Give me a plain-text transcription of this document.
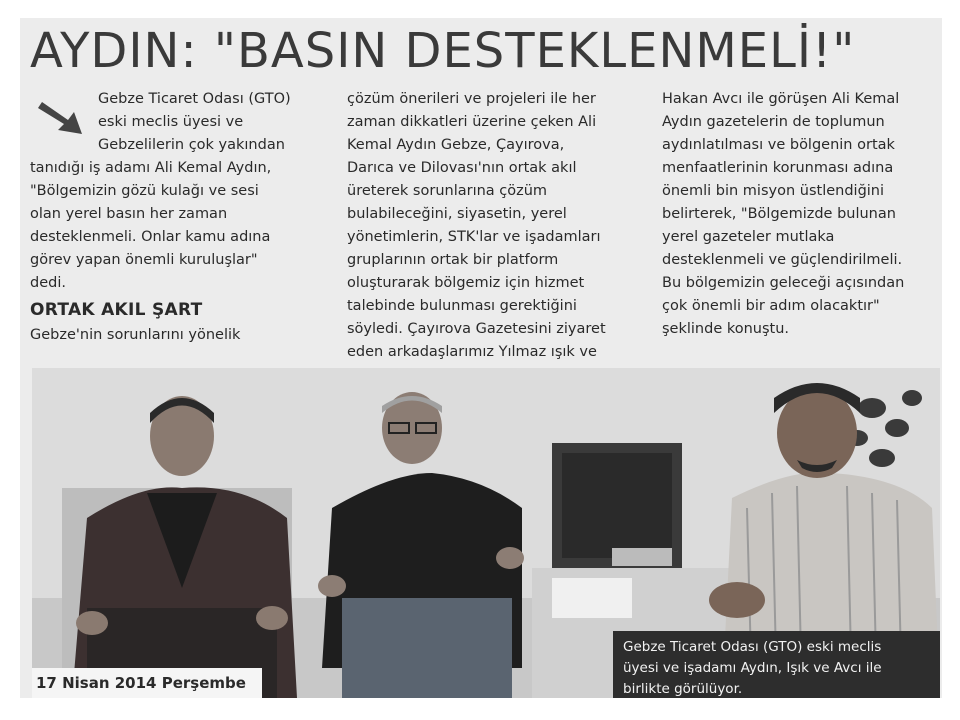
AYDIN: "BASIN DESTEKLENMELİ!"
Gebze Ticaret Odası (GTO)
eski meclis üyesi ve
Gebzelilerin çok yakından
tanıdığı iş adamı Ali Kemal Aydın,
"Bölgemizin gözü kulağı ve sesi
olan yerel basın her zaman
desteklenmeli. Onlar kamu adına
görev yapan önemli kuruluşlar"
dedi.
ORTAK AKIL ŞART
Gebze'nin sorunlarını yönelik
çözüm önerileri ve projeleri ile her
zaman dikkatleri üzerine çeken Ali
Kemal Aydın Gebze, Çayırova,
Darıca ve Dilovası'nın ortak akıl
üreterek sorunlarına çözüm
bulabileceğini, siyasetin, yerel
yönetimlerin, STK'lar ve işadamları
gruplarının ortak bir platform
oluşturarak bölgemiz için hizmet
talebinde bulunması gerektiğini
söyledi. Çayırova Gazetesini ziyaret
eden arkadaşlarımız Yılmaz ışık ve
Hakan Avcı ile görüşen Ali Kemal
Aydın gazetelerin de toplumun
aydınlatılması ve bölgenin ortak
menfaatlerinin korunması adına
önemli bin misyon üstlendiğini
belirterek, "Bölgemizde bulunan
yerel gazeteler mutlaka
desteklenmeli ve güçlendirilmeli.
Bu bölgemizin geleceği açısından
çok önemli bir adım olacaktır"
şeklinde konuştu.
Gebze Ticaret Odası (GTO) eski meclis
üyesi ve işadamı Aydın, Işık ve Avcı ile
birlikte görülüyor.
17 Nisan 2014 Perşembe
